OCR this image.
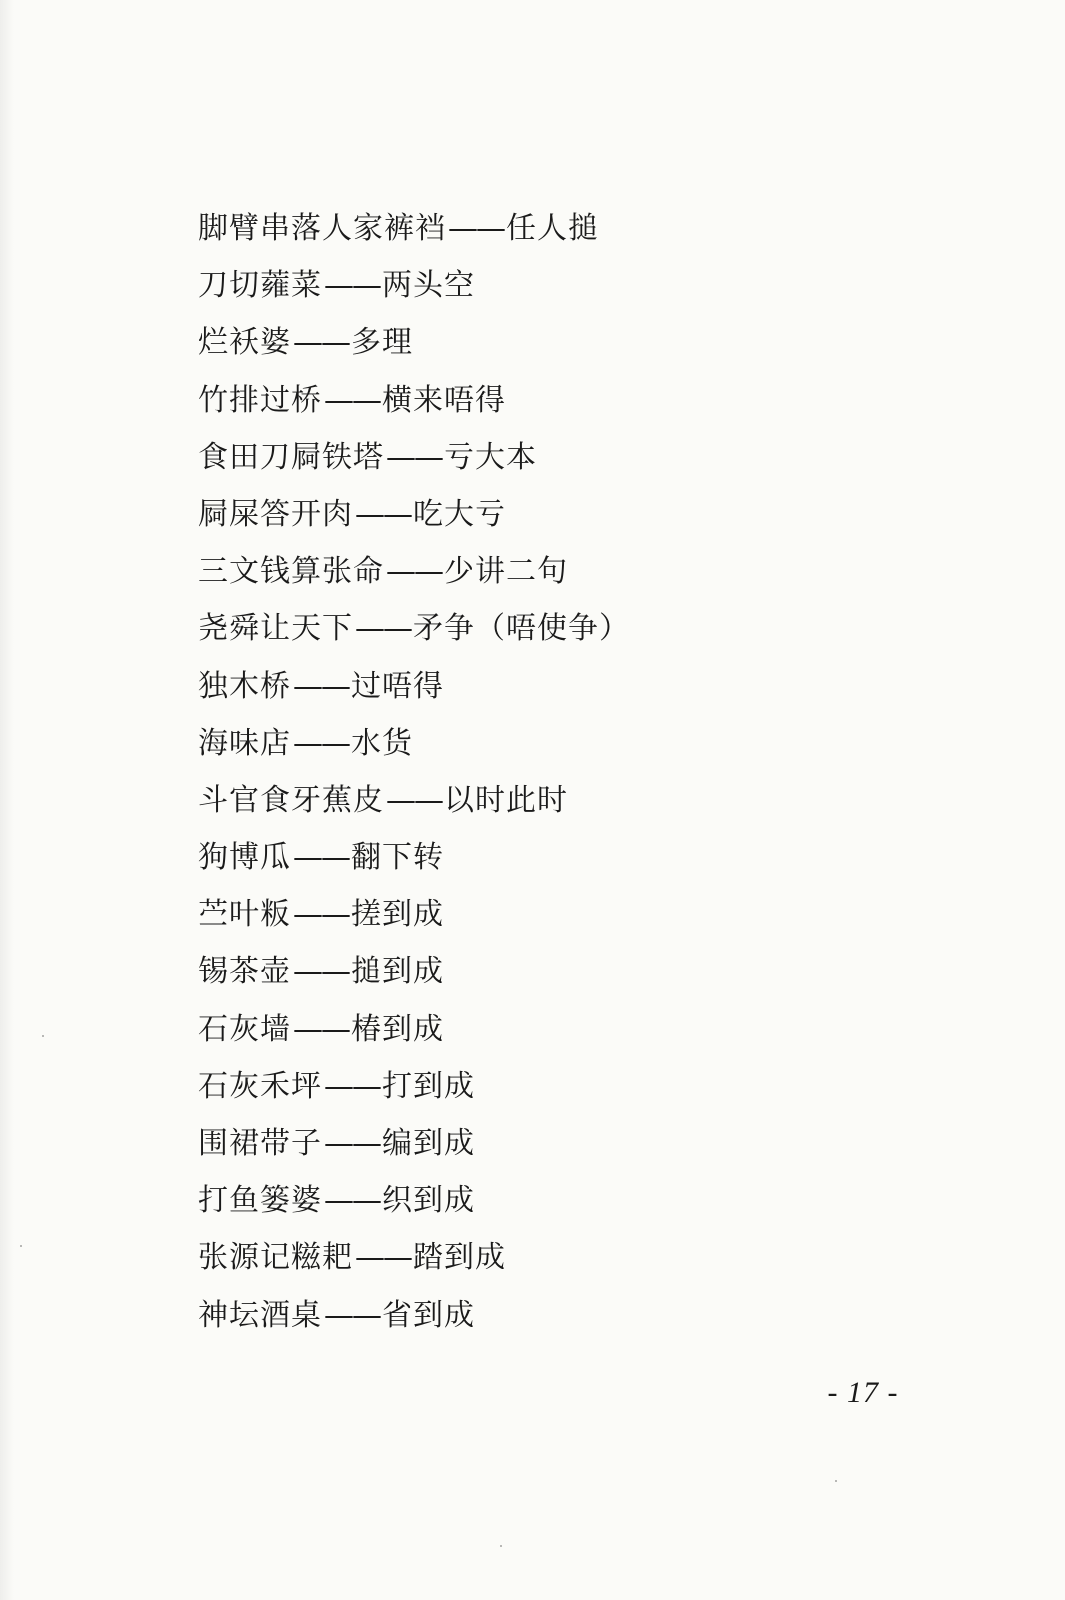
脚臂串落人家裤裆——任人搥
刀切蕹菜——两头空
烂袄婆——多理
竹排过桥——横来唔得
食田刀屙铁塔——亏大本
屙屎答开肉——吃大亏
三文钱算张命——少讲二句
尧舜让天下——矛争（唔使争）
独木桥——过唔得
海味店——水货
斗官食牙蕉皮——以时此时
狗博瓜——翻下转
苎叶粄——搓到成
锡茶壶——搥到成
石灰墙——椿到成
石灰禾坪——打到成
围裙带子——编到成
打鱼篓婆——织到成
张源记糍耙——踏到成
神坛酒桌——省到成
- 17 -
